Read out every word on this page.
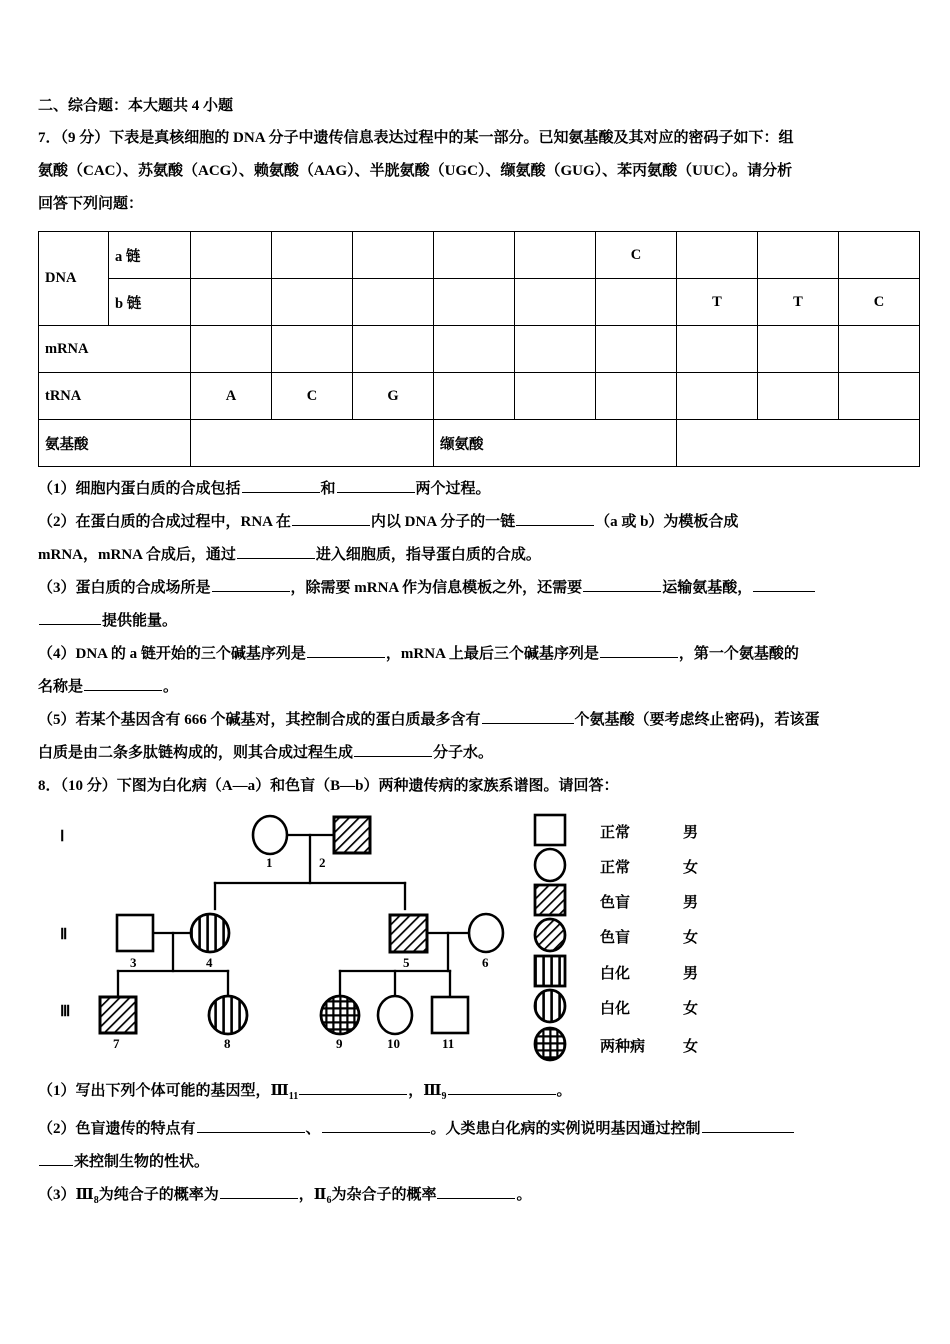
二、综合题：本大题共 4 小题

7．（9 分）下表是真核细胞的 DNA 分子中遗传信息表达过程中的某一部分。已知氨基酸及其对应的密码子如下：组

氨酸（CAC）、苏氨酸（ACG）、赖氨酸（AAG）、半胱氨酸（UGC）、缬氨酸（GUG）、苯丙氨酸（UUC）。请分析

回答下列问题：

DNA	a 链						C			
	b 链							T	T	C
mRNA										
tRNA		A	C	G						
氨基酸					缬氨酸					

（1）细胞内蛋白质的合成包括	和	两个过程。

（2）在蛋白质的合成过程中，RNA 在	内以 DNA 分子的一链	（a 或 b）为模板合成

mRNA，mRNA 合成后，通过	进入细胞质，指导蛋白质的合成。

（3）蛋白质的合成场所是	，除需要 mRNA 作为信息模板之外，还需要	运输氨基酸，

提供能量。

（4）DNA 的 a 链开始的三个碱基序列是	，mRNA 上最后三个碱基序列是	，第一个氨基酸的

名称是	。

（5）若某个基因含有 666 个碱基对，其控制合成的蛋白质最多含有	个氨基酸（要考虑终止密码)，若该蛋

白质是由二条多肽链构成的，则其合成过程生成	分子水。

8．（10 分）下图为白化病（A—a）和色盲（B—b）两种遗传病的家族系谱图。请回答：

Ⅰ
Ⅱ
Ⅲ
1	2
3	4	5	6
7	8	9	10	11
正常	男
正常	女
色盲	男
色盲	女
白化	男
白化	女
两种病	女

（1）写出下列个体可能的基因型，$Ⅲ_{11}$	，$Ⅲ_9$	。

（2）色盲遗传的特点有	、	。人类患白化病的实例说明基因通过控制

来控制生物的性状。

$(3)Ⅲ_8$为纯合子的概率为	，$Ⅱ_6$为杂合子的概率	。
